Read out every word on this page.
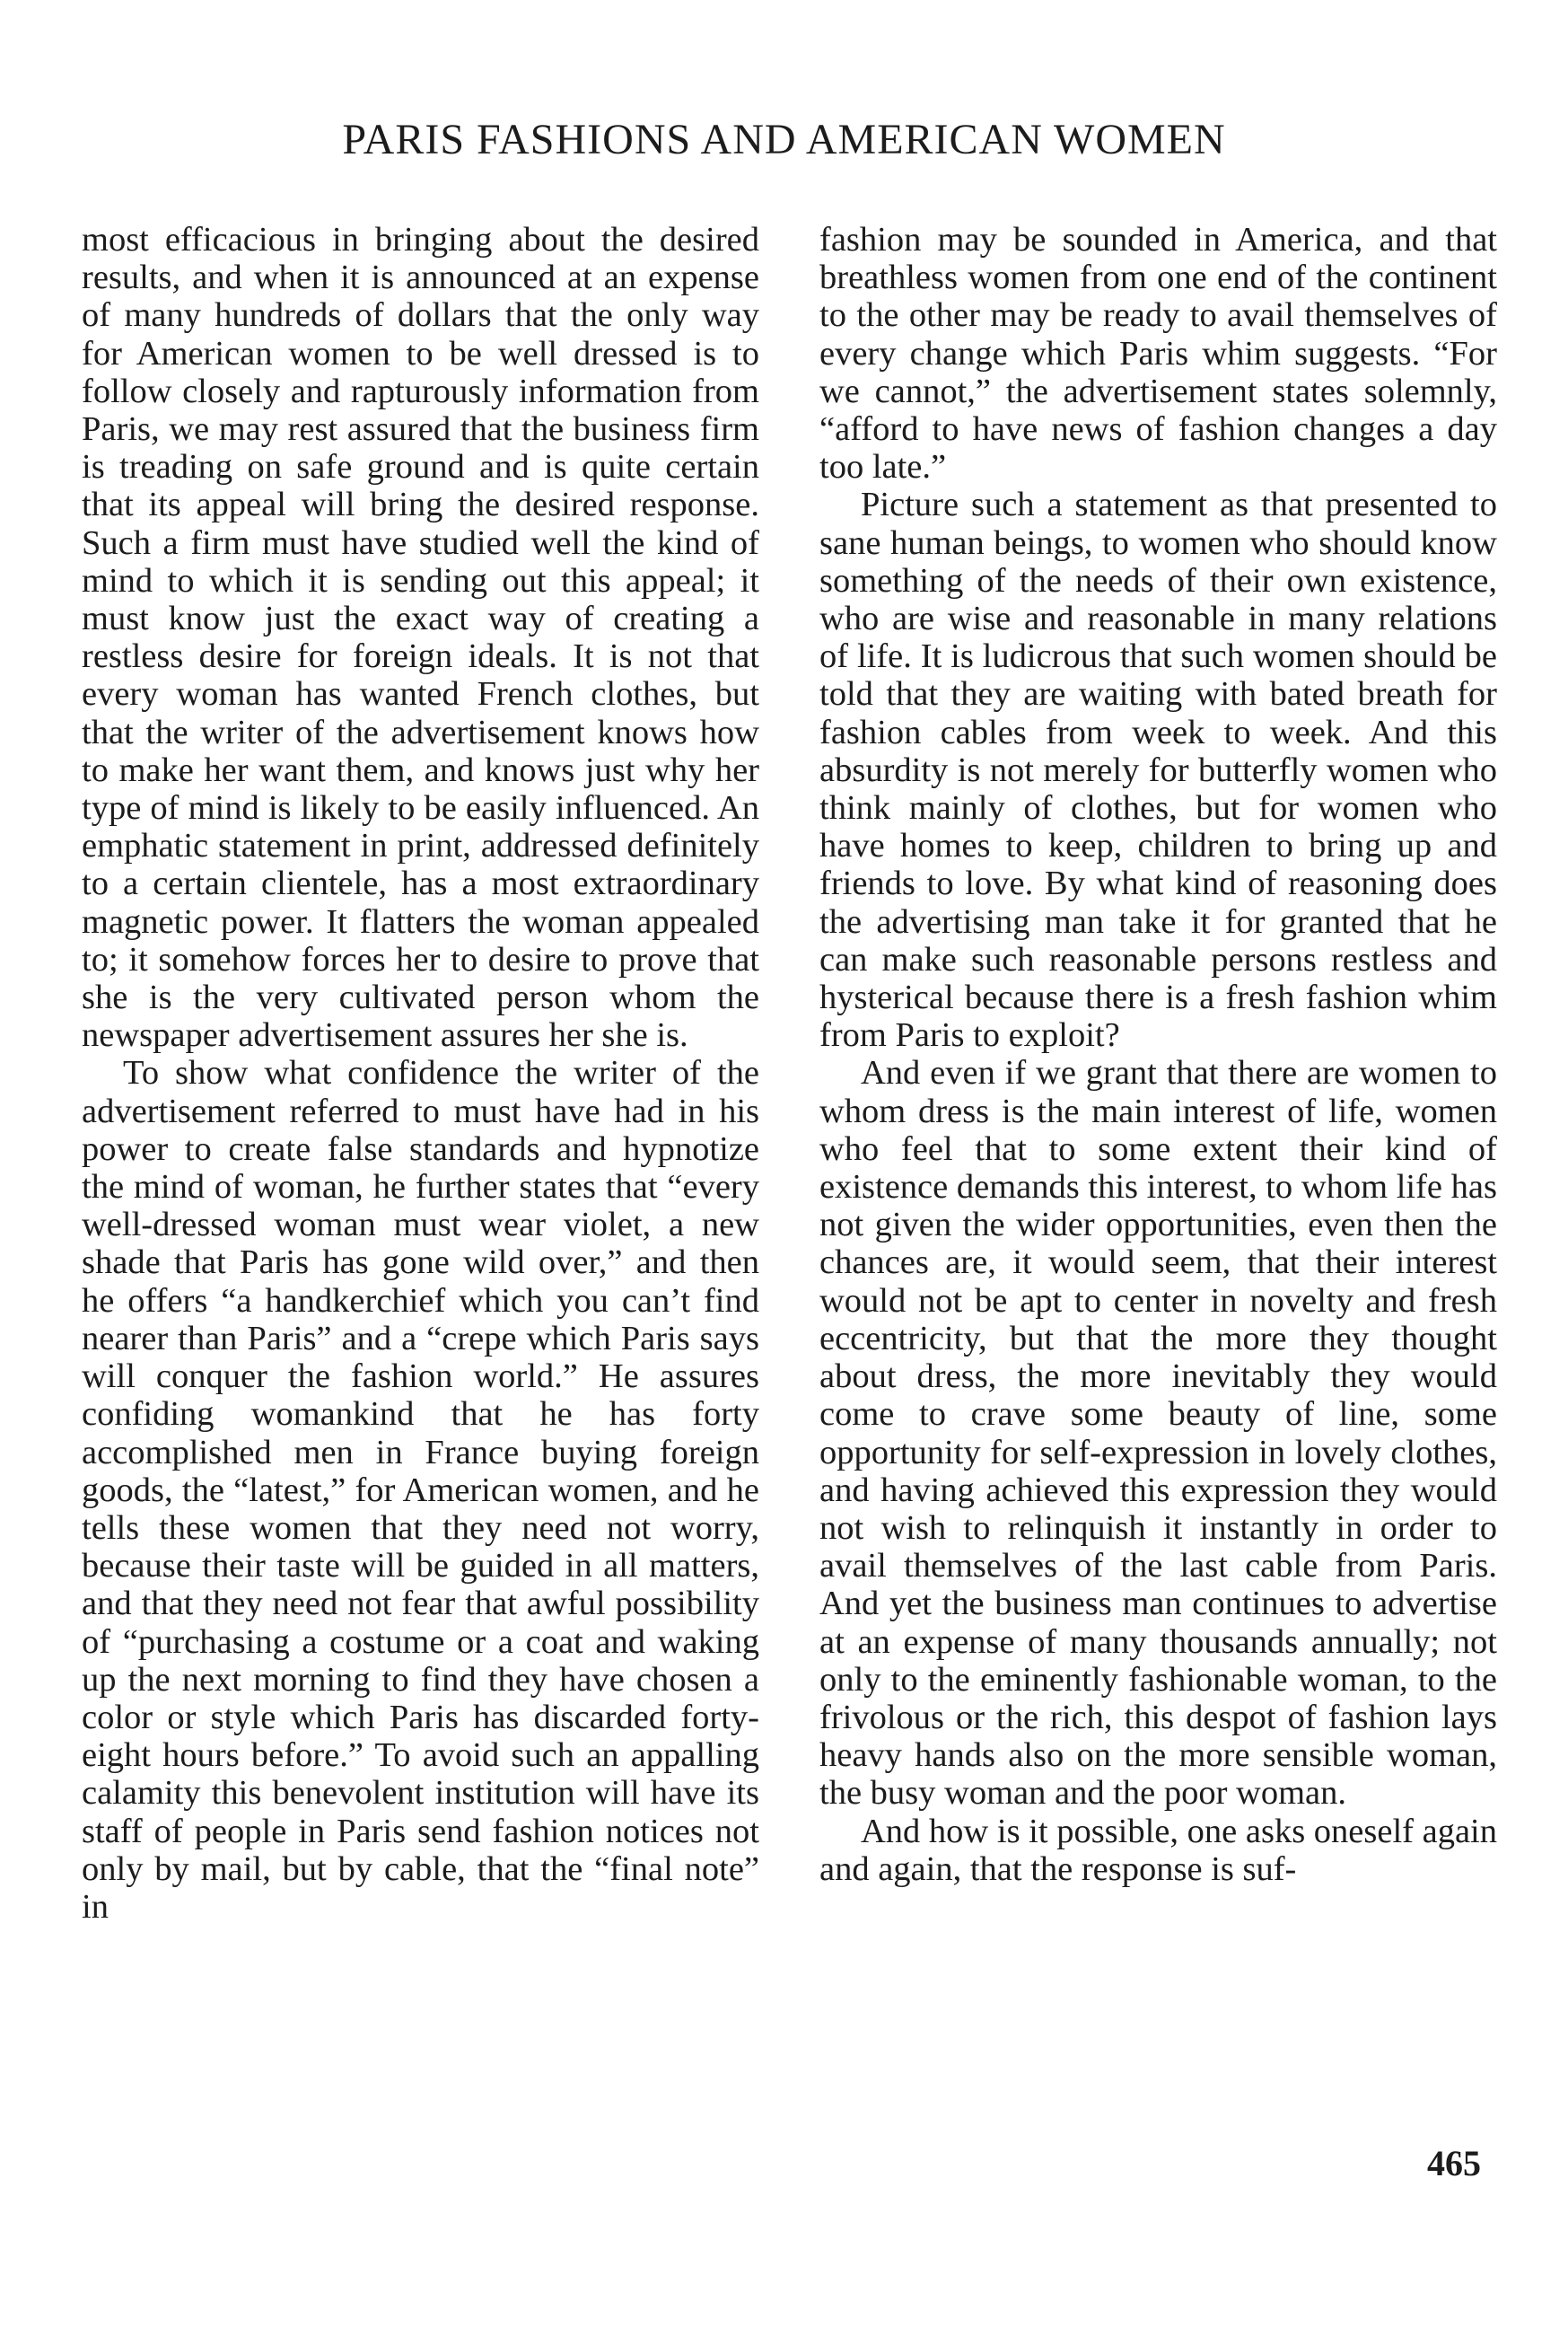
PARIS FASHIONS AND AMERICAN WOMEN

most efficacious in bringing about the desired results, and when it is announced at an expense of many hundreds of dollars that the only way for American women to be well dressed is to follow closely and rapturously information from Paris, we may rest assured that the business firm is treading on safe ground and is quite certain that its appeal will bring the desired response. Such a firm must have studied well the kind of mind to which it is sending out this appeal; it must know just the exact way of creating a restless desire for foreign ideals. It is not that every woman has wanted French clothes, but that the writer of the advertisement knows how to make her want them, and knows just why her type of mind is likely to be easily influenced. An emphatic statement in print, addressed definitely to a certain clientele, has a most extraordinary magnetic power. It flatters the woman appealed to; it somehow forces her to desire to prove that she is the very cultivated person whom the newspaper advertisement assures her she is.

To show what confidence the writer of the advertisement referred to must have had in his power to create false standards and hypnotize the mind of woman, he further states that “every well-dressed woman must wear violet, a new shade that Paris has gone wild over,” and then he offers “a handkerchief which you can’t find nearer than Paris” and a “crepe which Paris says will conquer the fashion world.” He assures confiding womankind that he has forty accomplished men in France buying foreign goods, the “latest,” for American women, and he tells these women that they need not worry, because their taste will be guided in all matters, and that they need not fear that awful possibility of “purchasing a costume or a coat and waking up the next morning to find they have chosen a color or style which Paris has discarded forty-eight hours before.” To avoid such an appalling calamity this benevolent institution will have its staff of people in Paris send fashion notices not only by mail, but by cable, that the “final note” in

fashion may be sounded in America, and that breathless women from one end of the continent to the other may be ready to avail themselves of every change which Paris whim suggests. “For we cannot,” the advertisement states solemnly, “afford to have news of fashion changes a day too late.”

Picture such a statement as that presented to sane human beings, to women who should know something of the needs of their own existence, who are wise and reasonable in many relations of life. It is ludicrous that such women should be told that they are waiting with bated breath for fashion cables from week to week. And this absurdity is not merely for butterfly women who think mainly of clothes, but for women who have homes to keep, children to bring up and friends to love. By what kind of reasoning does the advertising man take it for granted that he can make such reasonable persons restless and hysterical because there is a fresh fashion whim from Paris to exploit?

And even if we grant that there are women to whom dress is the main interest of life, women who feel that to some extent their kind of existence demands this interest, to whom life has not given the wider opportunities, even then the chances are, it would seem, that their interest would not be apt to center in novelty and fresh eccentricity, but that the more they thought about dress, the more inevitably they would come to crave some beauty of line, some opportunity for self-expression in lovely clothes, and having achieved this expression they would not wish to relinquish it instantly in order to avail themselves of the last cable from Paris. And yet the business man continues to advertise at an expense of many thousands annually; not only to the eminently fashionable woman, to the frivolous or the rich, this despot of fashion lays heavy hands also on the more sensible woman, the busy woman and the poor woman.

And how is it possible, one asks oneself again and again, that the response is suf-

465
